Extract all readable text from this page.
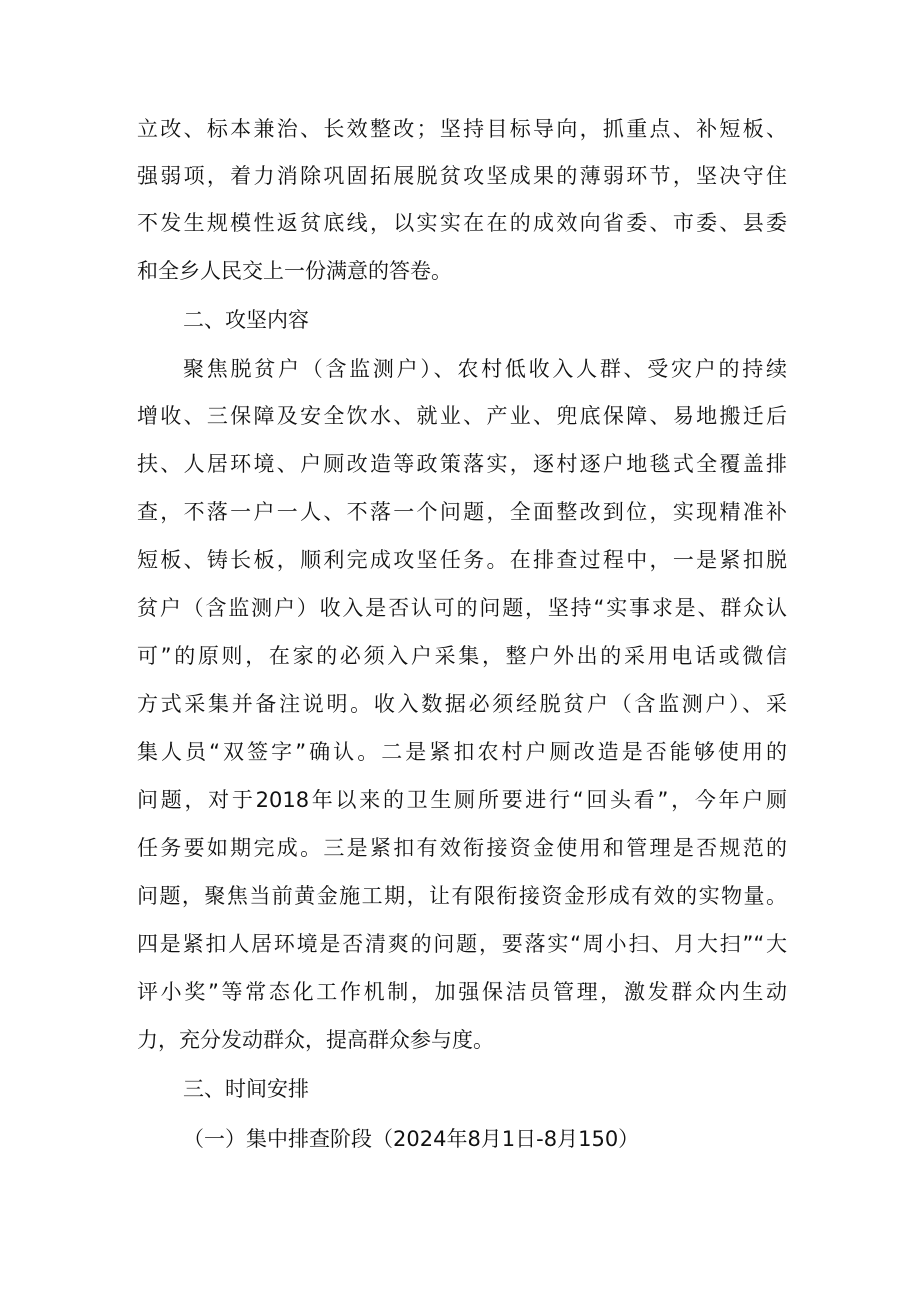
立改、标本兼治、长效整改；坚持目标导向，抓重点、补短板、
强弱项，着力消除巩固拓展脱贫攻坚成果的薄弱环节，坚决守住
不发生规模性返贫底线，以实实在在的成效向省委、市委、县委
和全乡人民交上一份满意的答卷。
二、攻坚内容
聚焦脱贫户（含监测户）、农村低收入人群、受灾户的持续
增收、三保障及安全饮水、就业、产业、兜底保障、易地搬迁后
扶、人居环境、户厕改造等政策落实，逐村逐户地毯式全覆盖排
查，不落一户一人、不落一个问题，全面整改到位，实现精准补
短板、铸长板，顺利完成攻坚任务。在排查过程中，一是紧扣脱
贫户（含监测户）收入是否认可的问题，坚持“实事求是、群众认
可”的原则，在家的必须入户采集，整户外出的采用电话或微信
方式采集并备注说明。收入数据必须经脱贫户（含监测户）、采
集人员“双签字”确认。二是紧扣农村户厕改造是否能够使用的
问题，对于2018年以来的卫生厕所要进行“回头看”，今年户厕
任务要如期完成。三是紧扣有效衔接资金使用和管理是否规范的
问题，聚焦当前黄金施工期，让有限衔接资金形成有效的实物量。
四是紧扣人居环境是否清爽的问题，要落实“周小扫、月大扫”“大
评小奖”等常态化工作机制，加强保洁员管理，激发群众内生动
力，充分发动群众，提高群众参与度。
三、时间安排
（一）集中排查阶段（2024年8月1日-8月150）
